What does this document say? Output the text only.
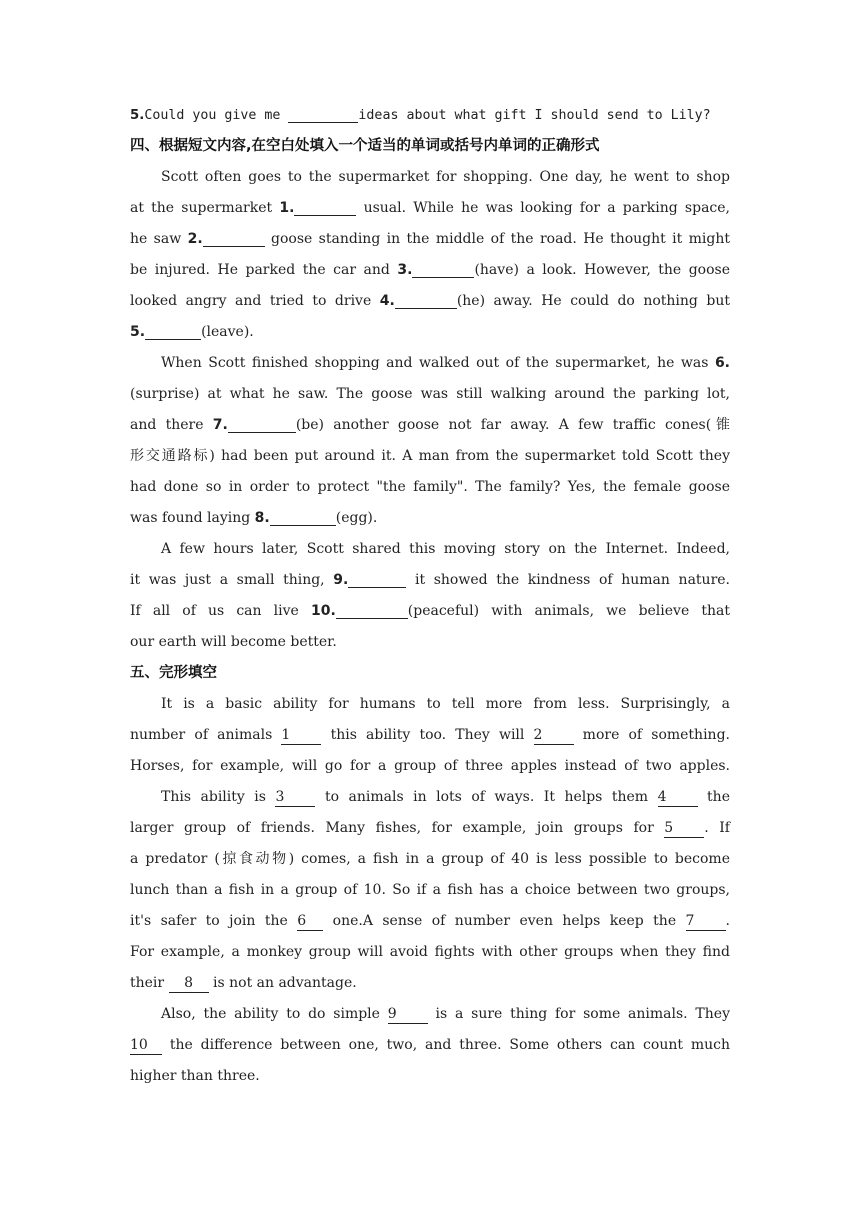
5.Could you give me	ideas about what gift I should send to Lily?
四、根据短文内容,在空白处填入一个适当的单词或括号内单词的正确形式
Scott often goes to the supermarket for shopping. One day, he went to shop
at the supermarket 1.	usual. While he was looking for a parking space,
he saw 2.	goose standing in the middle of the road. He thought it might
be injured. He parked the car and 3.	(have) a look. However, the goose
looked angry and tried to drive 4.	(he) away. He could do nothing but
5.	(leave).
When Scott finished shopping and walked out of the supermarket, he was 6.
(surprise) at what he saw. The goose was still walking around the parking lot,
and there 7.	(be) another goose not far away. A few traffic cones(锥
形交通路标) had been put around it. A man from the supermarket told Scott they
had done so in order to protect "the family". The family? Yes, the female goose
was found laying 8.	(egg).
A few hours later, Scott shared this moving story on the Internet. Indeed,
it was just a small thing, 9.	it showed the kindness of human nature.
If all of us can live 10.	(peaceful) with animals, we believe that
our earth will become better.
五、完形填空
It is a basic ability for humans to tell more from less. Surprisingly, a
number of animals 1 this ability too. They will 2 more of something.
Horses, for example, will go for a group of three apples instead of two apples.
This ability is 3 to animals in lots of ways. It helps them 4 the
larger group of friends. Many fishes, for example, join groups for 5 . If
a predator (掠食动物) comes, a fish in a group of 40 is less possible to become
lunch than a fish in a group of 10. So if a fish has a choice between two groups,
it's safer to join the 6 one.A sense of number even helps keep the 7 .
For example, a monkey group will avoid fights with other groups when they find
their 8 is not an advantage.
Also, the ability to do simple 9 is a sure thing for some animals. They
10 the difference between one, two, and three. Some others can count much
higher than three.
